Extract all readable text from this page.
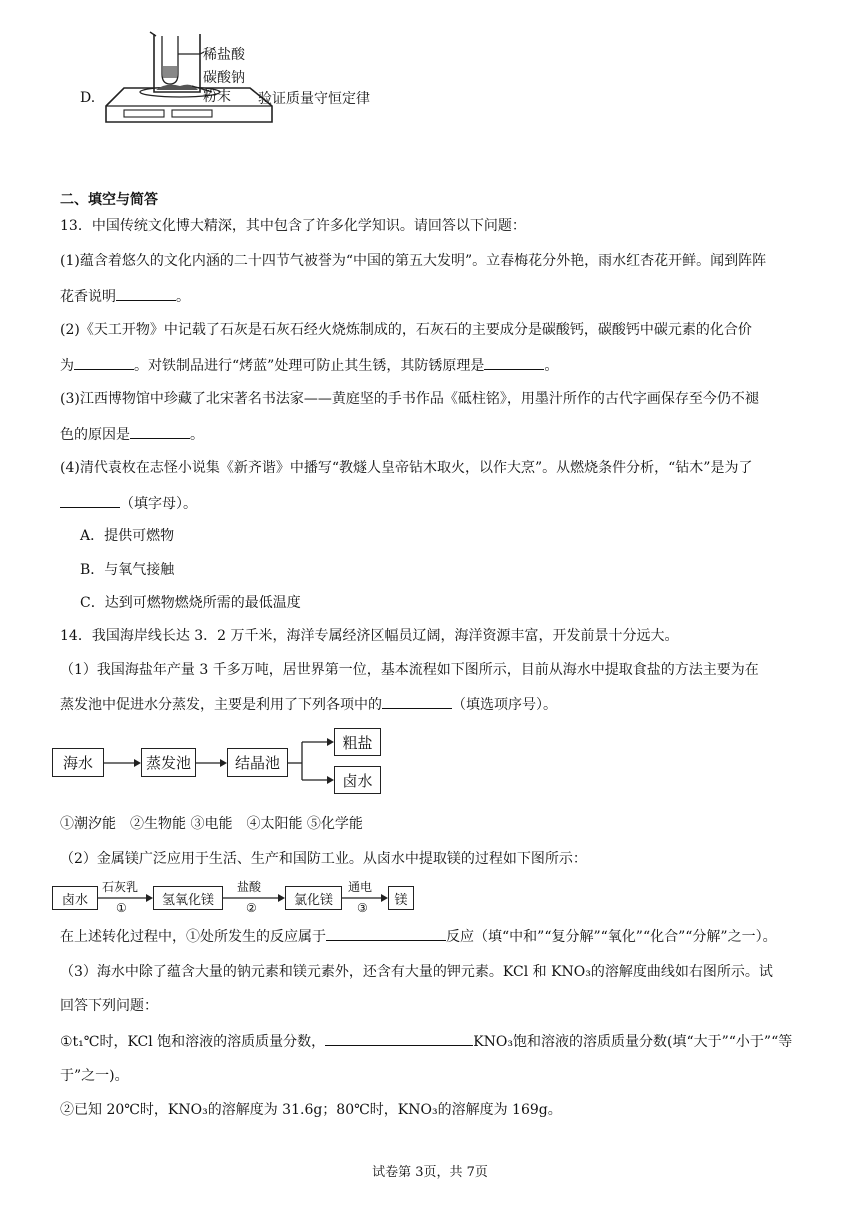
D.
稀盐酸
碳酸钠
粉末 验证质量守恒定律
二、填空与简答
13．中国传统文化博大精深，其中包含了许多化学知识。请回答以下问题：
(1)蕴含着悠久的文化内涵的二十四节气被誉为“中国的第五大发明”。立春梅花分外艳，雨水红杏花开鲜。闻到阵阵
花香说明	。
(2)《天工开物》中记载了石灰是石灰石经火烧炼制成的，石灰石的主要成分是碳酸钙，碳酸钙中碳元素的化合价
为	。对铁制品进行“烤蓝”处理可防止其生锈，其防锈原理是	。
(3)江西博物馆中珍藏了北宋著名书法家——黄庭坚的手书作品《砥柱铭》，用墨汁所作的古代字画保存至今仍不褪
色的原因是	。
(4)清代袁枚在志怪小说集《新齐谐》中播写“教燧人皇帝钻木取火，以作大烹”。从燃烧条件分析，“钻木”是为了
（填字母）。
A．提供可燃物
B．与氧气接触
C．达到可燃物燃烧所需的最低温度
14．我国海岸线长达 3．2 万千米，海洋专属经济区幅员辽阔，海洋资源丰富，开发前景十分远大。
（1）我国海盐年产量 3 千多万吨，居世界第一位，基本流程如下图所示，目前从海水中提取食盐的方法主要为在
蒸发池中促进水分蒸发，主要是利用了下列各项中的	（填选项序号）。
海水	蒸发池	结晶池
粗盐
卤水
①潮汐能　②生物能 ③电能　④太阳能 ⑤化学能
（2）金属镁广泛应用于生活、生产和国防工业。从卤水中提取镁的过程如下图所示：
卤水	氢氧化镁	氯化镁	镁
石灰乳
①
盐酸
②
通电
③
在上述转化过程中，①处所发生的反应属于	反应（填“中和”“复分解”“氧化”“化合”“分解”之一）。
（3）海水中除了蕴含大量的钠元素和镁元素外，还含有大量的钾元素。KCl 和 KNO₃的溶解度曲线如右图所示。试
回答下列问题：
①t₁℃时，KCl 饱和溶液的溶质质量分数，	KNO₃饱和溶液的溶质质量分数(填“大于”“小于”“等
于”之一)。
②已知 20℃时，KNO₃的溶解度为 31.6g；80℃时，KNO₃的溶解度为 169g。
试卷第 3页，共 7页
